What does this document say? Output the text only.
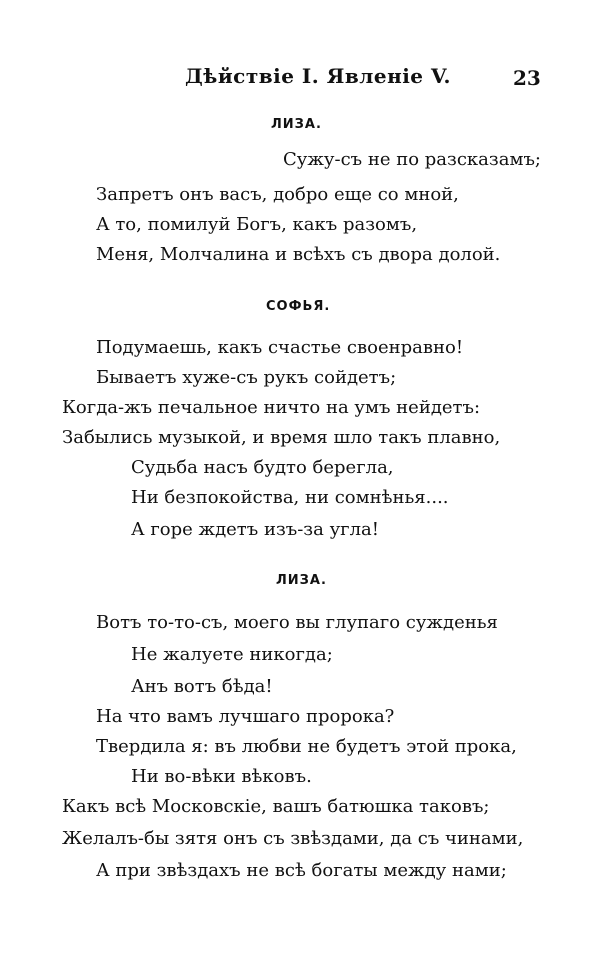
Дѣйствіе I. Явленіе V.	23
ЛИЗА.
Сужу-съ не по разсказамъ;
Запретъ онъ васъ, добро еще со мной,
А то, помилуй Богъ, какъ разомъ,
Меня, Молчалина и всѣхъ съ двора долой.
СОФЬЯ.
Подумаешь, какъ счастье своенравно!
Бываетъ хуже-съ рукъ сойдетъ;
Когда-жъ печальное ничто на умъ нейдетъ:
Забылись музыкой, и время шло такъ плавно,
Судьба насъ будто берегла,
Ни безпокойства, ни сомнѣнья....
А горе ждетъ изъ-за угла!
ЛИЗА.
Вотъ то-то-съ, моего вы глупаго сужденья
Не жалуете никогда;
Анъ вотъ бѣда!
На что вамъ лучшаго пророка?
Твердила я: въ любви не будетъ этой прока,
Ни во-вѣки вѣковъ.
Какъ всѣ Московскіе, вашъ батюшка таковъ;
Желалъ-бы зятя онъ съ звѣздами, да съ чинами,
А при звѣздахъ не всѣ богаты между нами;
